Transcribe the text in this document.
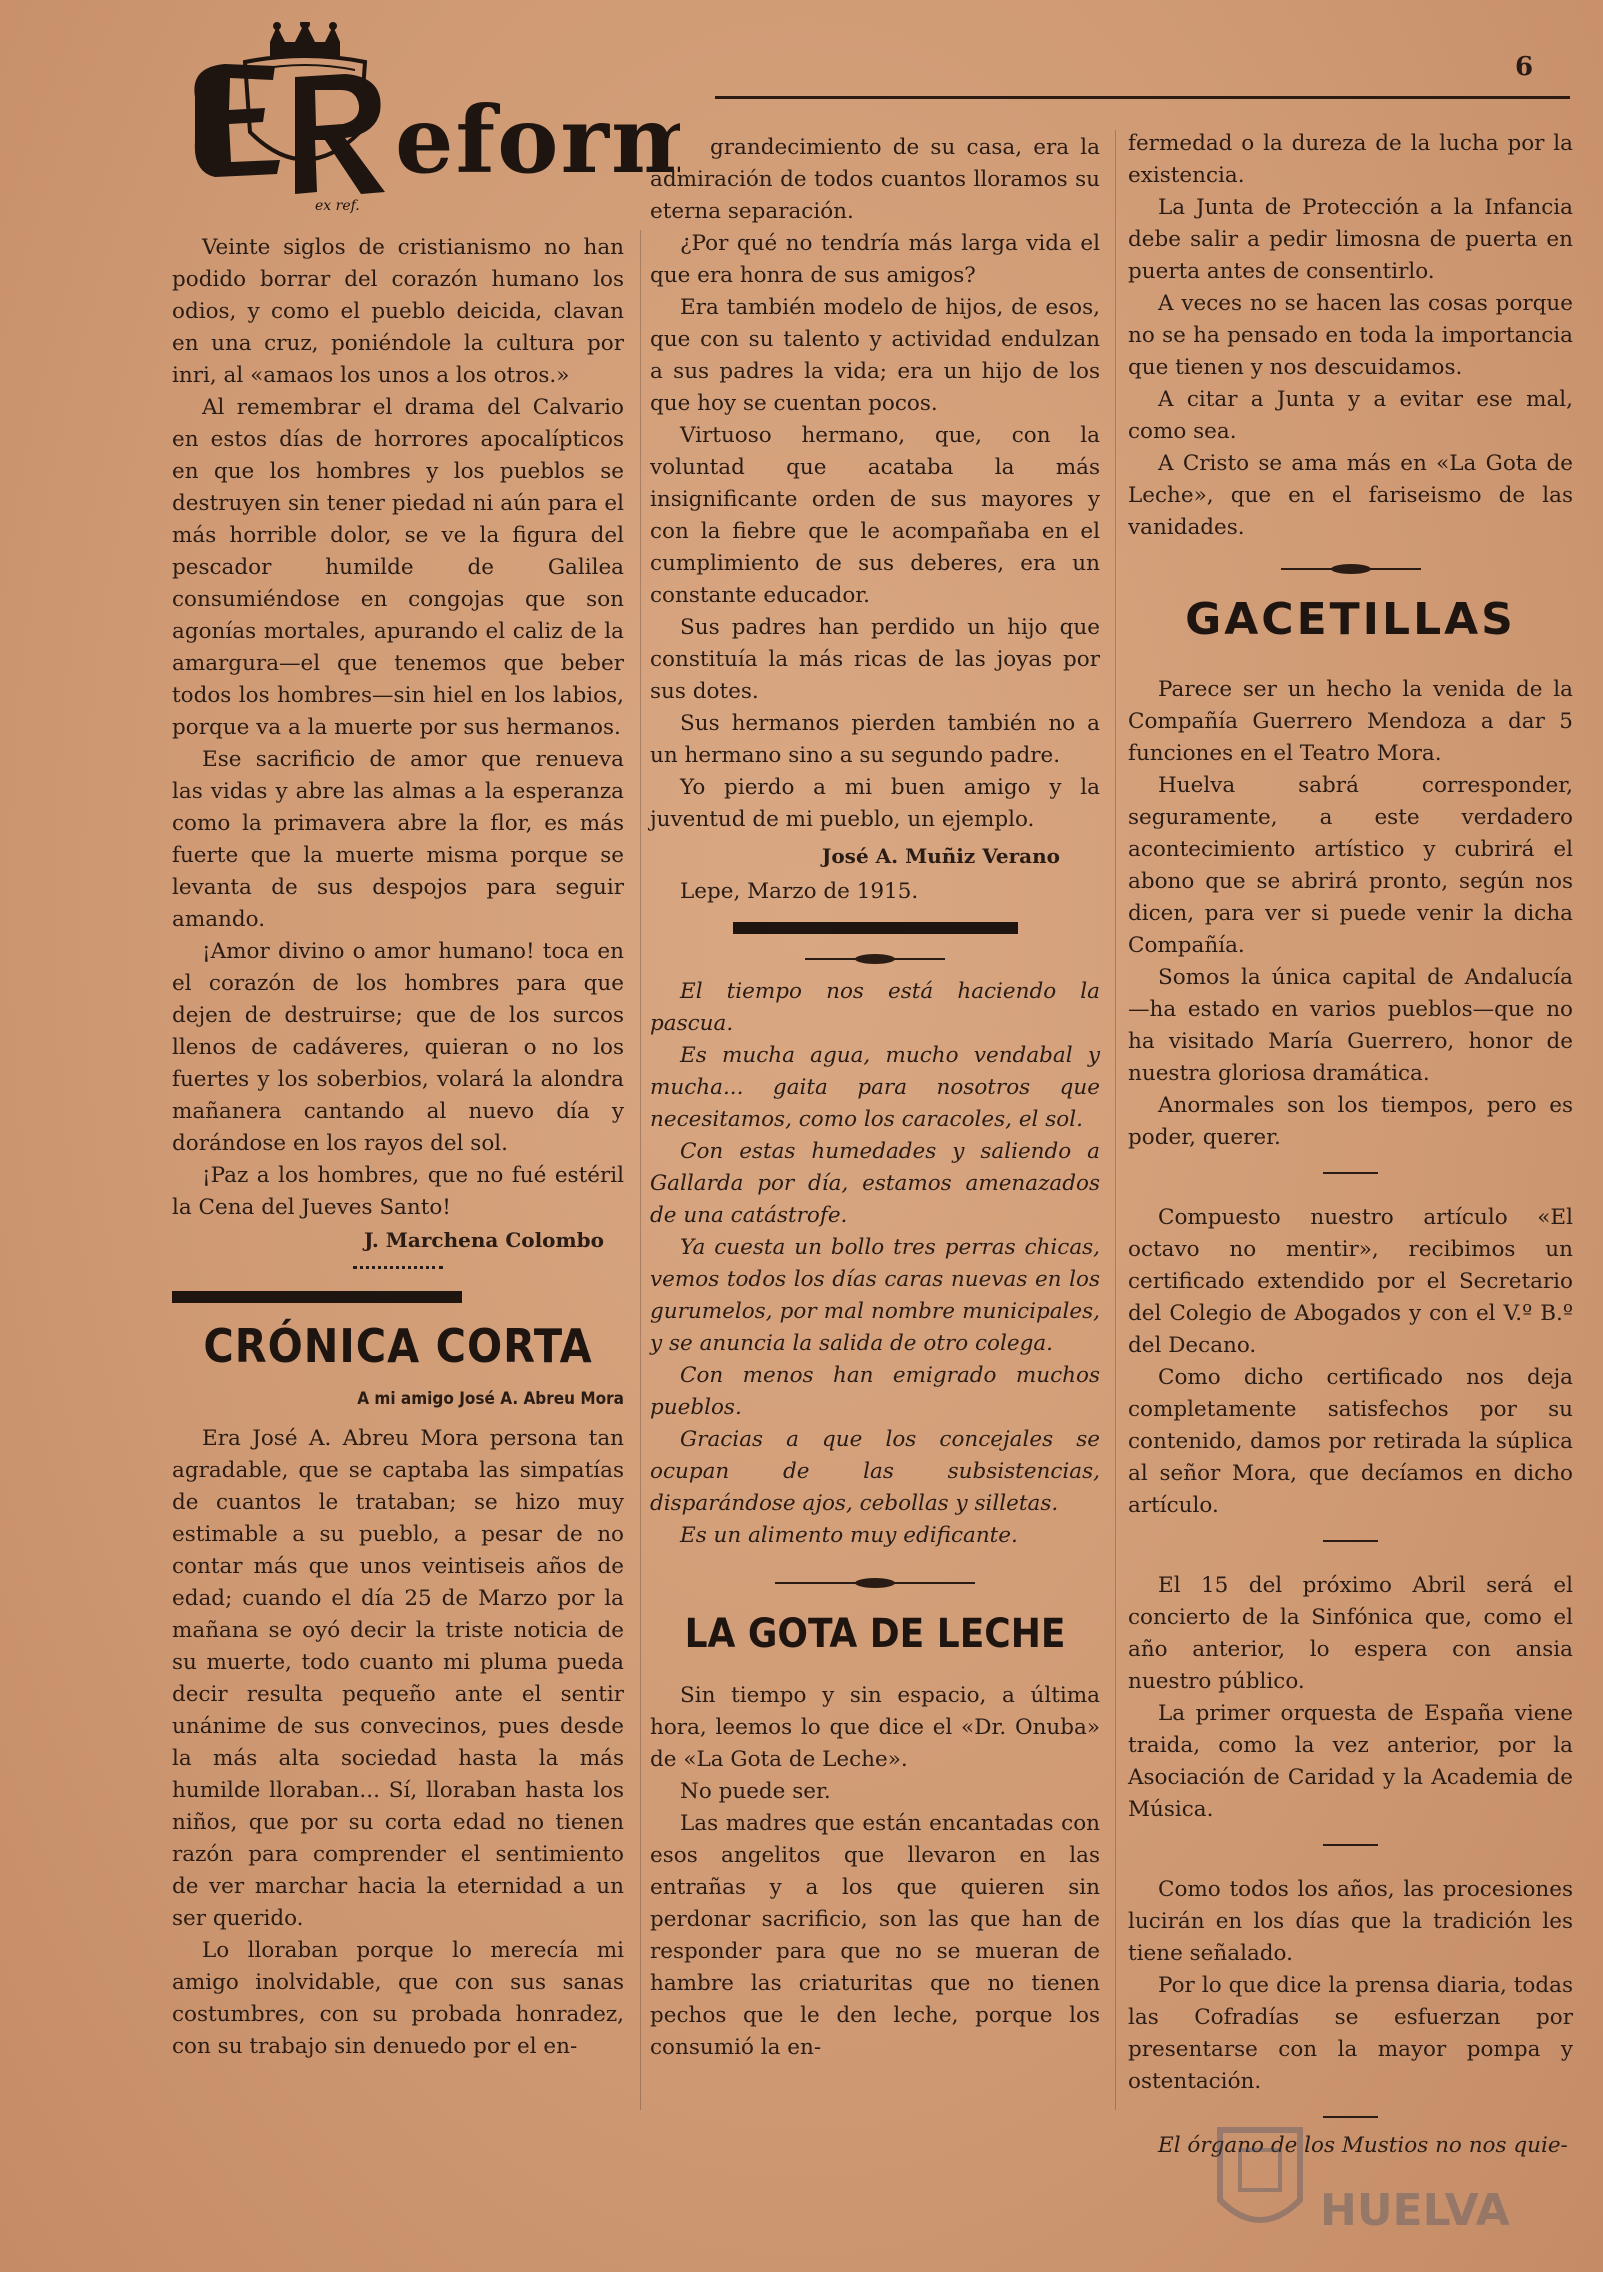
eform
ex ref.
6

Veinte siglos de cristianismo no han podido borrar del corazón humano los odios, y como el pueblo deicida, clavan en una cruz, poniéndole la cultura por inri, al «amaos los unos a los otros.»

Al remembrar el drama del Calvario en estos días de horrores apocalípticos en que los hombres y los pueblos se destruyen sin tener piedad ni aún para el más horrible dolor, se ve la figura del pescador humilde de Galilea consumiéndose en congojas que son agonías mortales, apurando el caliz de la amargura—el que tenemos que beber todos los hombres—sin hiel en los labios, porque va a la muerte por sus hermanos.

Ese sacrificio de amor que renueva las vidas y abre las almas a la esperanza como la primavera abre la flor, es más fuerte que la muerte misma porque se levanta de sus despojos para seguir amando.

¡Amor divino o amor humano! toca en el corazón de los hombres para que dejen de destruirse; que de los surcos llenos de cadáveres, quieran o no los fuertes y los soberbios, volará la alondra mañanera cantando al nuevo día y dorándose en los rayos del sol.

¡Paz a los hombres, que no fué estéril la Cena del Jueves Santo!

J. Marchena Colombo
CRÓNICA CORTA
A mi amigo José A. Abreu Mora

Era José A. Abreu Mora persona tan agradable, que se captaba las simpatías de cuantos le trataban; se hizo muy estimable a su pueblo, a pesar de no contar más que unos veintiseis años de edad; cuando el día 25 de Marzo por la mañana se oyó decir la triste noticia de su muerte, todo cuanto mi pluma pueda decir resulta pequeño ante el sentir unánime de sus convecinos, pues desde la más alta sociedad hasta la más humilde lloraban... Sí, lloraban hasta los niños, que por su corta edad no tienen razón para comprender el sentimiento de ver marchar hacia la eternidad a un ser querido.

Lo lloraban porque lo merecía mi amigo inolvidable, que con sus sanas costumbres, con su probada honradez, con su trabajo sin denuedo por el en-

grandecimiento de su casa, era la admiración de todos cuantos lloramos su eterna separación.

¿Por qué no tendría más larga vida el que era honra de sus amigos?

Era también modelo de hijos, de esos, que con su talento y actividad endulzan a sus padres la vida; era un hijo de los que hoy se cuentan pocos.

Virtuoso hermano, que, con la voluntad que acataba la más insignificante orden de sus mayores y con la fiebre que le acompañaba en el cumplimiento de sus deberes, era un constante educador.

Sus padres han perdido un hijo que constituía la más ricas de las joyas por sus dotes.

Sus hermanos pierden también no a un hermano sino a su segundo padre.

Yo pierdo a mi buen amigo y la juventud de mi pueblo, un ejemplo.

José A. Muñiz Verano

Lepe, Marzo de 1915.

El tiempo nos está haciendo la pascua.

Es mucha agua, mucho vendabal y mucha... gaita para nosotros que necesitamos, como los caracoles, el sol.

Con estas humedades y saliendo a Gallarda por día, estamos amenazados de una catástrofe.

Ya cuesta un bollo tres perras chicas, vemos todos los días caras nuevas en los gurumelos, por mal nombre municipales, y se anuncia la salida de otro colega.

Con menos han emigrado muchos pueblos.

Gracias a que los concejales se ocupan de las subsistencias, disparándose ajos, cebollas y silletas.

Es un alimento muy edificante.

LA GOTA DE LECHE

Sin tiempo y sin espacio, a última hora, leemos lo que dice el «Dr. Onuba» de «La Gota de Leche».

No puede ser.

Las madres que están encantadas con esos angelitos que llevaron en las entrañas y a los que quieren sin perdonar sacrificio, son las que han de responder para que no se mueran de hambre las criaturitas que no tienen pechos que le den leche, porque los consumió la en-

fermedad o la dureza de la lucha por la existencia.

La Junta de Protección a la Infancia debe salir a pedir limosna de puerta en puerta antes de consentirlo.

A veces no se hacen las cosas porque no se ha pensado en toda la importancia que tienen y nos descuidamos.

A citar a Junta y a evitar ese mal, como sea.

A Cristo se ama más en «La Gota de Leche», que en el fariseismo de las vanidades.

GACETILLAS

Parece ser un hecho la venida de la Compañía Guerrero Mendoza a dar 5 funciones en el Teatro Mora.

Huelva sabrá corresponder, seguramente, a este verdadero acontecimiento artístico y cubrirá el abono que se abrirá pronto, según nos dicen, para ver si puede venir la dicha Compañía.

Somos la única capital de Andalucía —ha estado en varios pueblos—que no ha visitado María Guerrero, honor de nuestra gloriosa dramática.

Anormales son los tiempos, pero es poder, querer.

Compuesto nuestro artículo «El octavo no mentir», recibimos un certificado extendido por el Secretario del Colegio de Abogados y con el V.º B.º del Decano.

Como dicho certificado nos deja completamente satisfechos por su contenido, damos por retirada la súplica al señor Mora, que decíamos en dicho artículo.

El 15 del próximo Abril será el concierto de la Sinfónica que, como el año anterior, lo espera con ansia nuestro público.

La primer orquesta de España viene traida, como la vez anterior, por la Asociación de Caridad y la Academia de Música.

Como todos los años, las procesiones lucirán en los días que la tradición les tiene señalado.

Por lo que dice la prensa diaria, todas las Cofradías se esfuerzan por presentarse con la mayor pompa y ostentación.

El órgano de los Mustios no nos quie-

HUELVA
